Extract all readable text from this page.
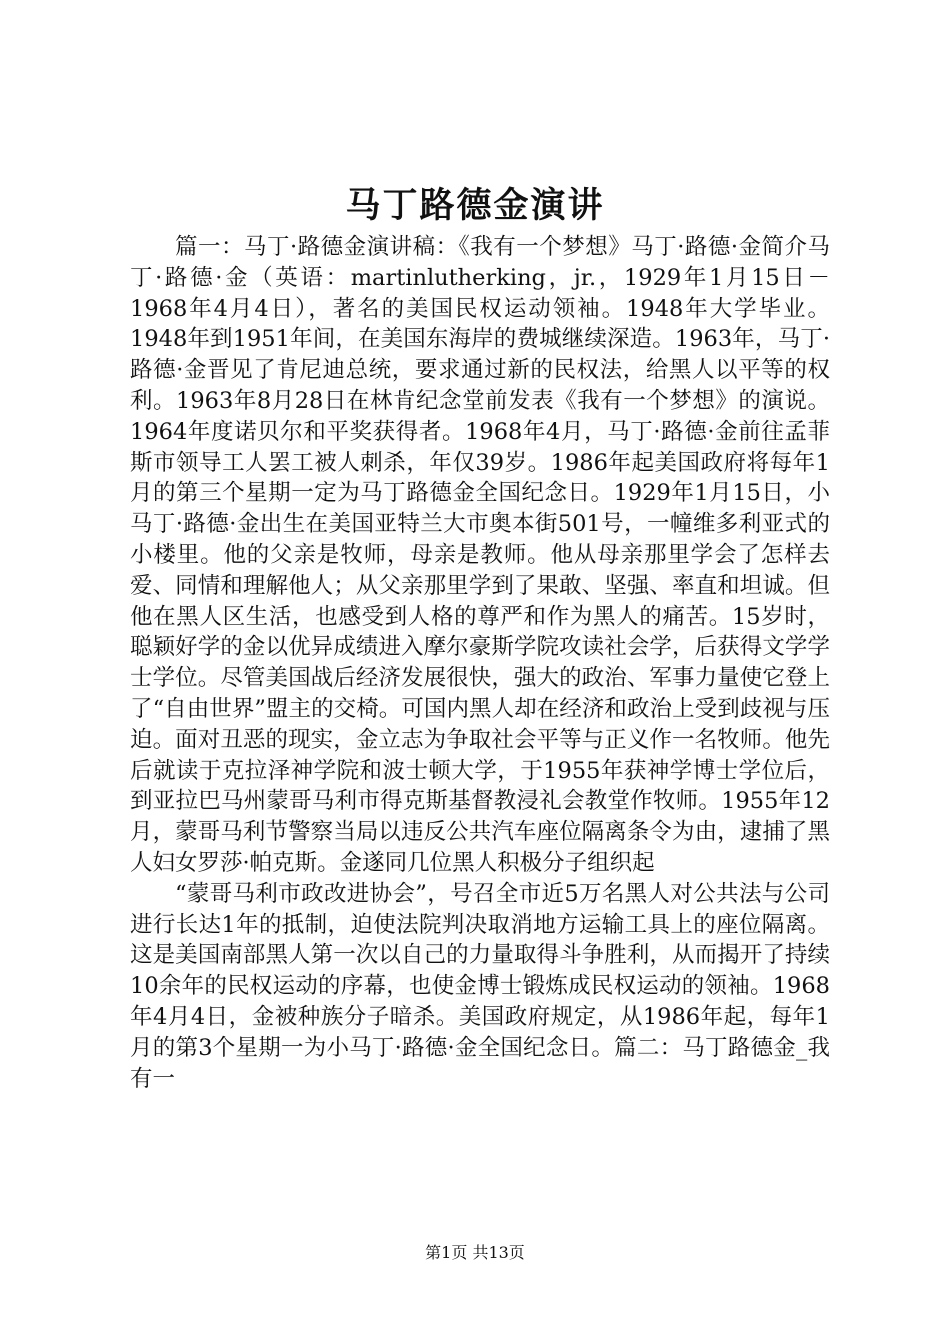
马丁路德金演讲

篇一：马丁·路德金演讲稿：《我有一个梦想》马丁·路德·金简介马丁·路德·金（英语：martinlutherking，jr.，1929年1月15日－1968年4月4日），著名的美国民权运动领袖。1948年大学毕业。1948年到1951年间，在美国东海岸的费城继续深造。1963年，马丁·路德·金晋见了肯尼迪总统，要求通过新的民权法，给黑人以平等的权利。1963年8月28日在林肯纪念堂前发表《我有一个梦想》的演说。1964年度诺贝尔和平奖获得者。1968年4月，马丁·路德·金前往孟菲斯市领导工人罢工被人刺杀，年仅39岁。1986年起美国政府将每年1月的第三个星期一定为马丁路德金全国纪念日。1929年1月15日，小马丁·路德·金出生在美国亚特兰大市奥本街501号，一幢维多利亚式的小楼里。他的父亲是牧师，母亲是教师。他从母亲那里学会了怎样去爱、同情和理解他人；从父亲那里学到了果敢、坚强、率直和坦诚。但他在黑人区生活，也感受到人格的尊严和作为黑人的痛苦。15岁时，聪颖好学的金以优异成绩进入摩尔豪斯学院攻读社会学，后获得文学学士学位。尽管美国战后经济发展很快，强大的政治、军事力量使它登上了“自由世界”盟主的交椅。可国内黑人却在经济和政治上受到歧视与压迫。面对丑恶的现实，金立志为争取社会平等与正义作一名牧师。他先后就读于克拉泽神学院和波士顿大学，于1955年获神学博士学位后，到亚拉巴马州蒙哥马利市得克斯基督教浸礼会教堂作牧师。1955年12月，蒙哥马利节警察当局以违反公共汽车座位隔离条令为由，逮捕了黑人妇女罗莎·帕克斯。金遂同几位黑人积极分子组织起

“蒙哥马利市政改进协会”，号召全市近5万名黑人对公共法与公司进行长达1年的抵制，迫使法院判决取消地方运输工具上的座位隔离。这是美国南部黑人第一次以自己的力量取得斗争胜利，从而揭开了持续10余年的民权运动的序幕，也使金博士锻炼成民权运动的领袖。1968年4月4日，金被种族分子暗杀。美国政府规定，从1986年起，每年1月的第3个星期一为小马丁·路德·金全国纪念日。篇二：马丁路德金_我有一

第1页 共13页
